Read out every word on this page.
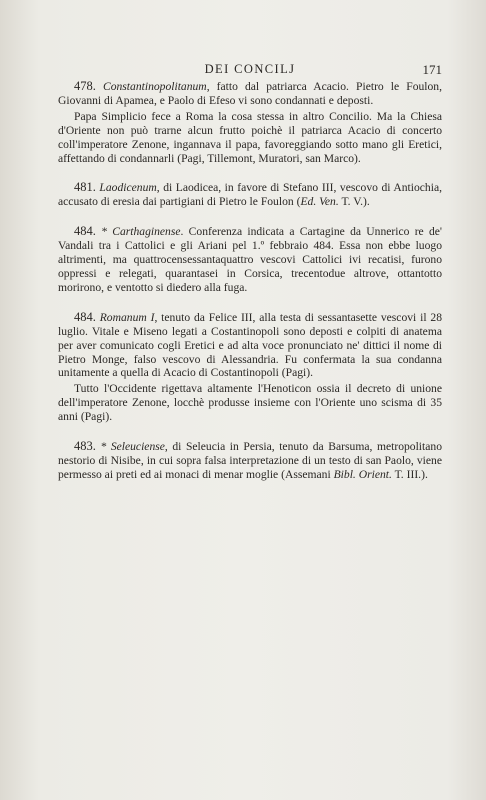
DEI CONCILJ	171

478. Constantinopolitanum, fatto dal patriarca Acacio. Pietro le Foulon, Giovanni di Apamea, e Paolo di Efeso vi sono condannati e deposti.

Papa Simplicio fece a Roma la cosa stessa in altro Concilio. Ma la Chiesa d'Oriente non può trarne alcun frutto poichè il patriarca Acacio di concerto coll'imperatore Zenone, ingannava il papa, favoreggiando sotto mano gli Eretici, affettando di condannarli (Pagi, Tillemont, Muratori, san Marco).

481. Laodicenum, di Laodicea, in favore di Stefano III, vescovo di Antiochia, accusato di eresia dai partigiani di Pietro le Foulon (Ed. Ven. T. V.).

484. * Carthaginense. Conferenza indicata a Cartagine da Unnerico re de' Vandali tra i Cattolici e gli Ariani pel 1.º febbraio 484. Essa non ebbe luogo altrimenti, ma quattrocensessantaquattro vescovi Cattolici ivi recatisi, furono oppressi e relegati, quarantasei in Corsica, trecentodue altrove, ottantotto morirono, e ventotto si diedero alla fuga.

484. Romanum I, tenuto da Felice III, alla testa di sessantasette vescovi il 28 luglio. Vitale e Miseno legati a Costantinopoli sono deposti e colpiti di anatema per aver comunicato cogli Eretici e ad alta voce pronunciato ne' dittici il nome di Pietro Monge, falso vescovo di Alessandria. Fu confermata la sua condanna unitamente a quella di Acacio di Costantinopoli (Pagi).

Tutto l'Occidente rigettava altamente l'Henoticon ossia il decreto di unione dell'imperatore Zenone, locchè produsse insieme con l'Oriente uno scisma di 35 anni (Pagi).

483. * Seleuciense, di Seleucia in Persia, tenuto da Barsuma, metropolitano nestorio di Nisibe, in cui sopra falsa interpretazione di un testo di san Paolo, viene permesso ai preti ed ai monaci di menar moglie (Assemani Bibl. Orient. T. III.).
